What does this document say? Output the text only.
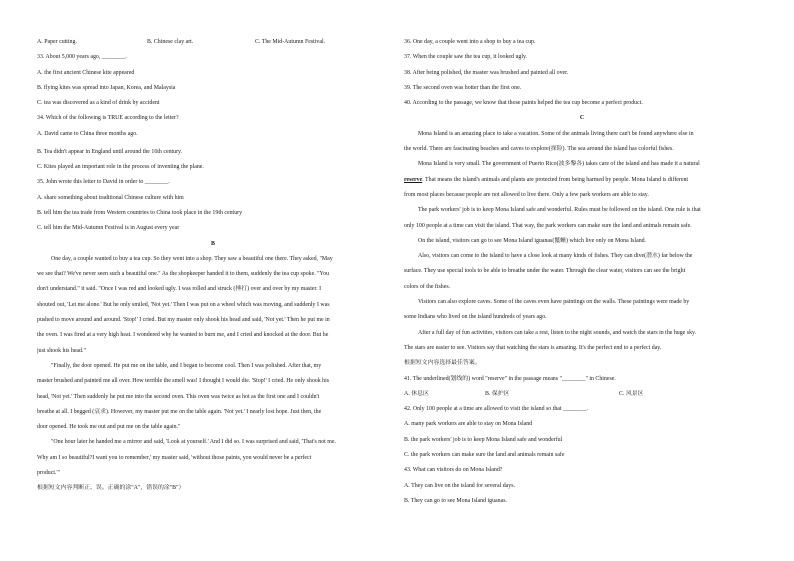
A. Paper cutting.	B. Chinese clay art.	C. The Mid-Autumn Festival.
33. About 5,000 years ago, ________.
A. the first ancient Chinese kite appeared
B. flying kites was spread into Japan, Korea, and Malaysia
C. tea was discovered as a kind of drink by accident
34. Which of the following is TRUE according to the letter?
A. David came to China three months ago.
B. Tea didn't appear in England until around the 16th century.
C. Kites played an important role in the process of inventing the plane.
35. John wrote this letter to David in order to ________.
A. share something about traditional Chinese culture with him
B. tell him the tea trade from Western countries to China took place in the 19th century
C. tell him the Mid-Autumn Festival is in August every year
B
One day, a couple wanted to buy a tea cup. So they went into a shop. They saw a beautiful one there. They asked, "May
we see that? We've never seen such a beautiful one." As the shopkeeper handed it to them, suddenly the tea cup spoke. "You
don't understand." it said. "Once I was red and looked ugly. I was rolled and struck (捶打) over and over by my master. I
shouted out, 'Let me alone.' But he only smiled, 'Not yet.' Then I was put on a wheel which was moving, and suddenly I was
pushed to move around and around. 'Stop!' I cried. But my master only shook his head and said, 'Not yet.' Then he put me in
the oven. I was fired at a very high heat. I wondered why he wanted to burn me, and I cried and knocked at the door. But he
just shook his head."
"Finally, the door opened. He put me on the table, and I began to become cool. Then I was polished. After that, my
master brushed and painted me all over. How terrible the smell was! I thought I would die. 'Stop!' I cried. He only shook his
head, 'Not yet.' Then suddenly he put me into the second oven. This oven was twice as hot as the first one and I couldn't
breathe at all. I begged (哀求). However, my master put me on the table again. 'Not yet.' I nearly lost hope. Just then, the
door opened. He took me out and put me on the table again."
"One hour later he handed me a mirror and said, 'Look at yourself.' And I did so. I was surprised and said, 'That's not me.
Why am I so beautiful?I want you to remember,' my master said, 'without those paints, you would never be a perfect
product.'"
根据短文内容判断正、误。正确的涂"A"，错误的涂"B"）
36. One day, a couple went into a shop to buy a tea cup.
37. When the couple saw the tea cup, it looked ugly.
38. After being polished, the master was brushed and painted all over.
39. The second oven was hotter than the first one.
40. According to the passage, we know that those paints helped the tea cup become a perfect product.
C
Mona Island is an amazing place to take a vacation. Some of the animals living there can't be found anywhere else in
the world. There are fascinating beaches and caves to explore(探险). The sea around the island has colorful fishes.
Mona Island is very small. The government of Puerto Rico(波多黎各) takes care of the island and has made it a natural
reserve. That means the island's animals and plants are protected from being harmed by people. Mona Island is different
from most places because people are not allowed to live there. Only a few park workers are able to stay.
The park workers' job is to keep Mona Island safe and wonderful. Rules must be followed on the island. One rule is that
only 100 people at a time can visit the island. That way, the park workers can make sure the land and animals remain safe.
On the island, visitors can go to see Mona Island iguanas(鬣蜥) which live only on Mona Island.
Also, visitors can come to the island to have a close look at many kinds of fishes. They can dive(潜水) far below the
surface. They use special tools to be able to breathe under the water. Through the clear water, visitors can see the bright
colors of the fishes.
Visitors can also explore caves. Some of the caves even have paintings on the walls. These paintings were made by
some Indians who lived on the island hundreds of years ago.
After a full day of fun activities, visitors can take a rest, listen to the night sounds, and watch the stars in the huge sky.
The stars are easier to see. Visitors say that watching the stars is amazing. It's the perfect end to a perfect day.
根据短文内容选择最佳答案。
41. The underlined(划线的) word "reserve" in the passage means "________" in Chinese.
A. 休息区	B. 保护区	C. 风景区
42. Only 100 people at a time are allowed to visit the island so that ________.
A. many park workers are able to stay on Mona Island
B. the park workers' job is to keep Mona Island safe and wonderful
C. the park workers can make sure the land and animals remain safe
43. What can visitors do on Mona Island?
A. They can live on the island for several days.
B. They can go to see Mona Island iguanas.
